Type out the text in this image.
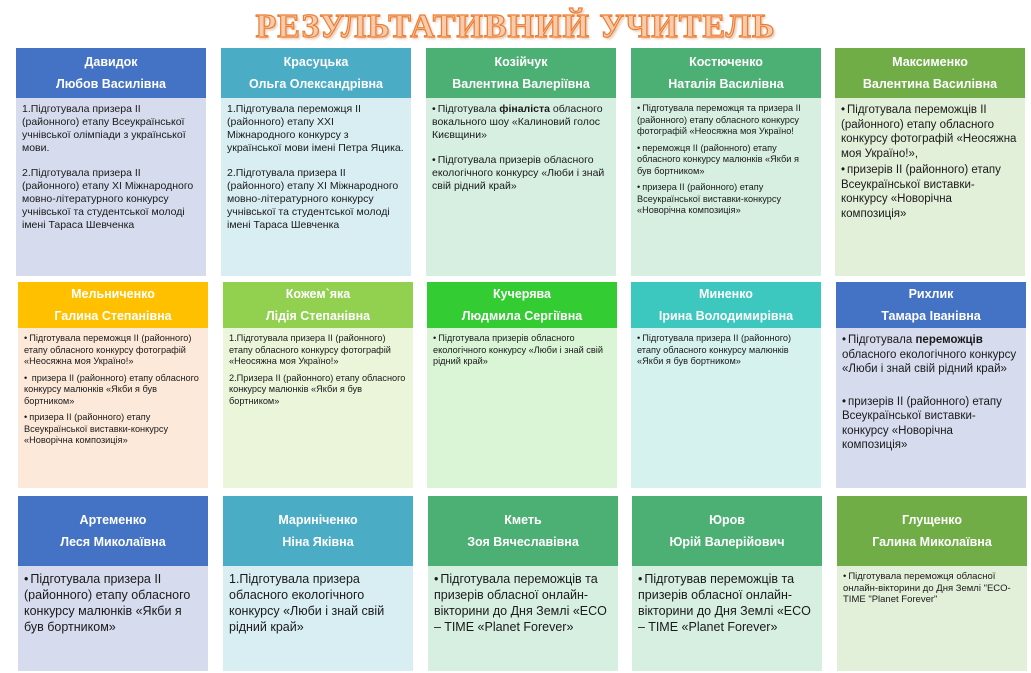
РЕЗУЛЬТАТИВНИЙ УЧИТЕЛЬ
Давидок
Любов Василівна

1.Підготувала призера II (районного) етапу Всеукраїнської учнівської олімпіади з української мови.

2.Підготувала призера II (районного) етапу XI Міжнародного мовно-літературного конкурсу учнівської та студентської молоді імені Тараса Шевченка

Красуцька
Ольга Олександрівна

1.Підготувала переможця II (районного) етапу XXI Міжнародного конкурсу з української мови імені Петра Яцика.

2.Підготувала призера II (районного) етапу XI Міжнародного мовно-літературного конкурсу учнівської та студентської молоді імені Тараса Шевченка

Козійчук
Валентина Валеріївна

• Підготувала фіналіста обласного вокального шоу «Калиновий голос Києвщини»

• Підготувала призерів обласного екологічного конкурсу «Люби і знай свій рідний край»

Костюченко
Наталія Василівна

• Підготувала переможця та призера II (районного) етапу обласного конкурсу фотографій «Неосяжна моя Україно!

• переможця II (районного) етапу обласного конкурсу малюнків «Якби я був бортником»

• призера II (районного) етапу Всеукраїнської виставки-конкурсу «Новорічна композиція»

Максименко
Валентина Василівна

• Підготувала переможців II (районного) етапу обласного конкурсу фотографій «Неосяжна моя Україно!»,

• призерів II (районного) етапу Всеукраїнської виставки-конкурсу «Новорічна композиція»

Мельниченко
Галина Степанівна

• Підготувала переможця II (районного) етапу обласного конкурсу фотографій «Неосяжна моя Україно!»

• призера II (районного) етапу обласного конкурсу малюнків «Якби я був бортником»

• призера II (районного) етапу Всеукраїнської виставки-конкурсу «Новорічна композиція»

Кожем`яка
Лідія Степанівна

1.Підготувала призера II (районного) етапу обласного конкурсу фотографій «Неосяжна моя Україно!»

2.Призера II (районного) етапу обласного конкурсу малюнків «Якби я був бортником»

Кучерява
Людмила Сергіївна

• Підготувала призерів обласного екологічного конкурсу «Люби і знай свій рідний край»

Миненко
Ірина Володимирівна

• Підготувала призера II (районного) етапу обласного конкурсу малюнків «Якби я був бортником»

Рихлик
Тамара Іванівна

• Підготувала переможців обласного екологічного конкурсу «Люби і знай свій рідний край»

• призерів II (районного) етапу Всеукраїнської виставки-конкурсу «Новорічна композиція»

Артеменко
Леся Миколаївна

• Підготувала призера II (районного) етапу обласного конкурсу малюнків «Якби я був бортником»

Мариніченко
Ніна Яківна

1.Підготувала призера обласного екологічного конкурсу «Люби і знай свій рідний край»

Кметь
Зоя Вячеславівна

• Підготувала переможців та призерів обласної онлайн-вікторини до Дня Землі «ECO – TIME «Planet Forever»

Юров
Юрій Валерійович

• Підготував переможців та призерів обласної онлайн-вікторини до Дня Землі «ECO – TIME «Planet Forever»

Глущенко
Галина Миколаївна

• Підготувала переможця обласної онлайн-вікторини до Дня Землі "ECO-TIME "Planet Forever"
